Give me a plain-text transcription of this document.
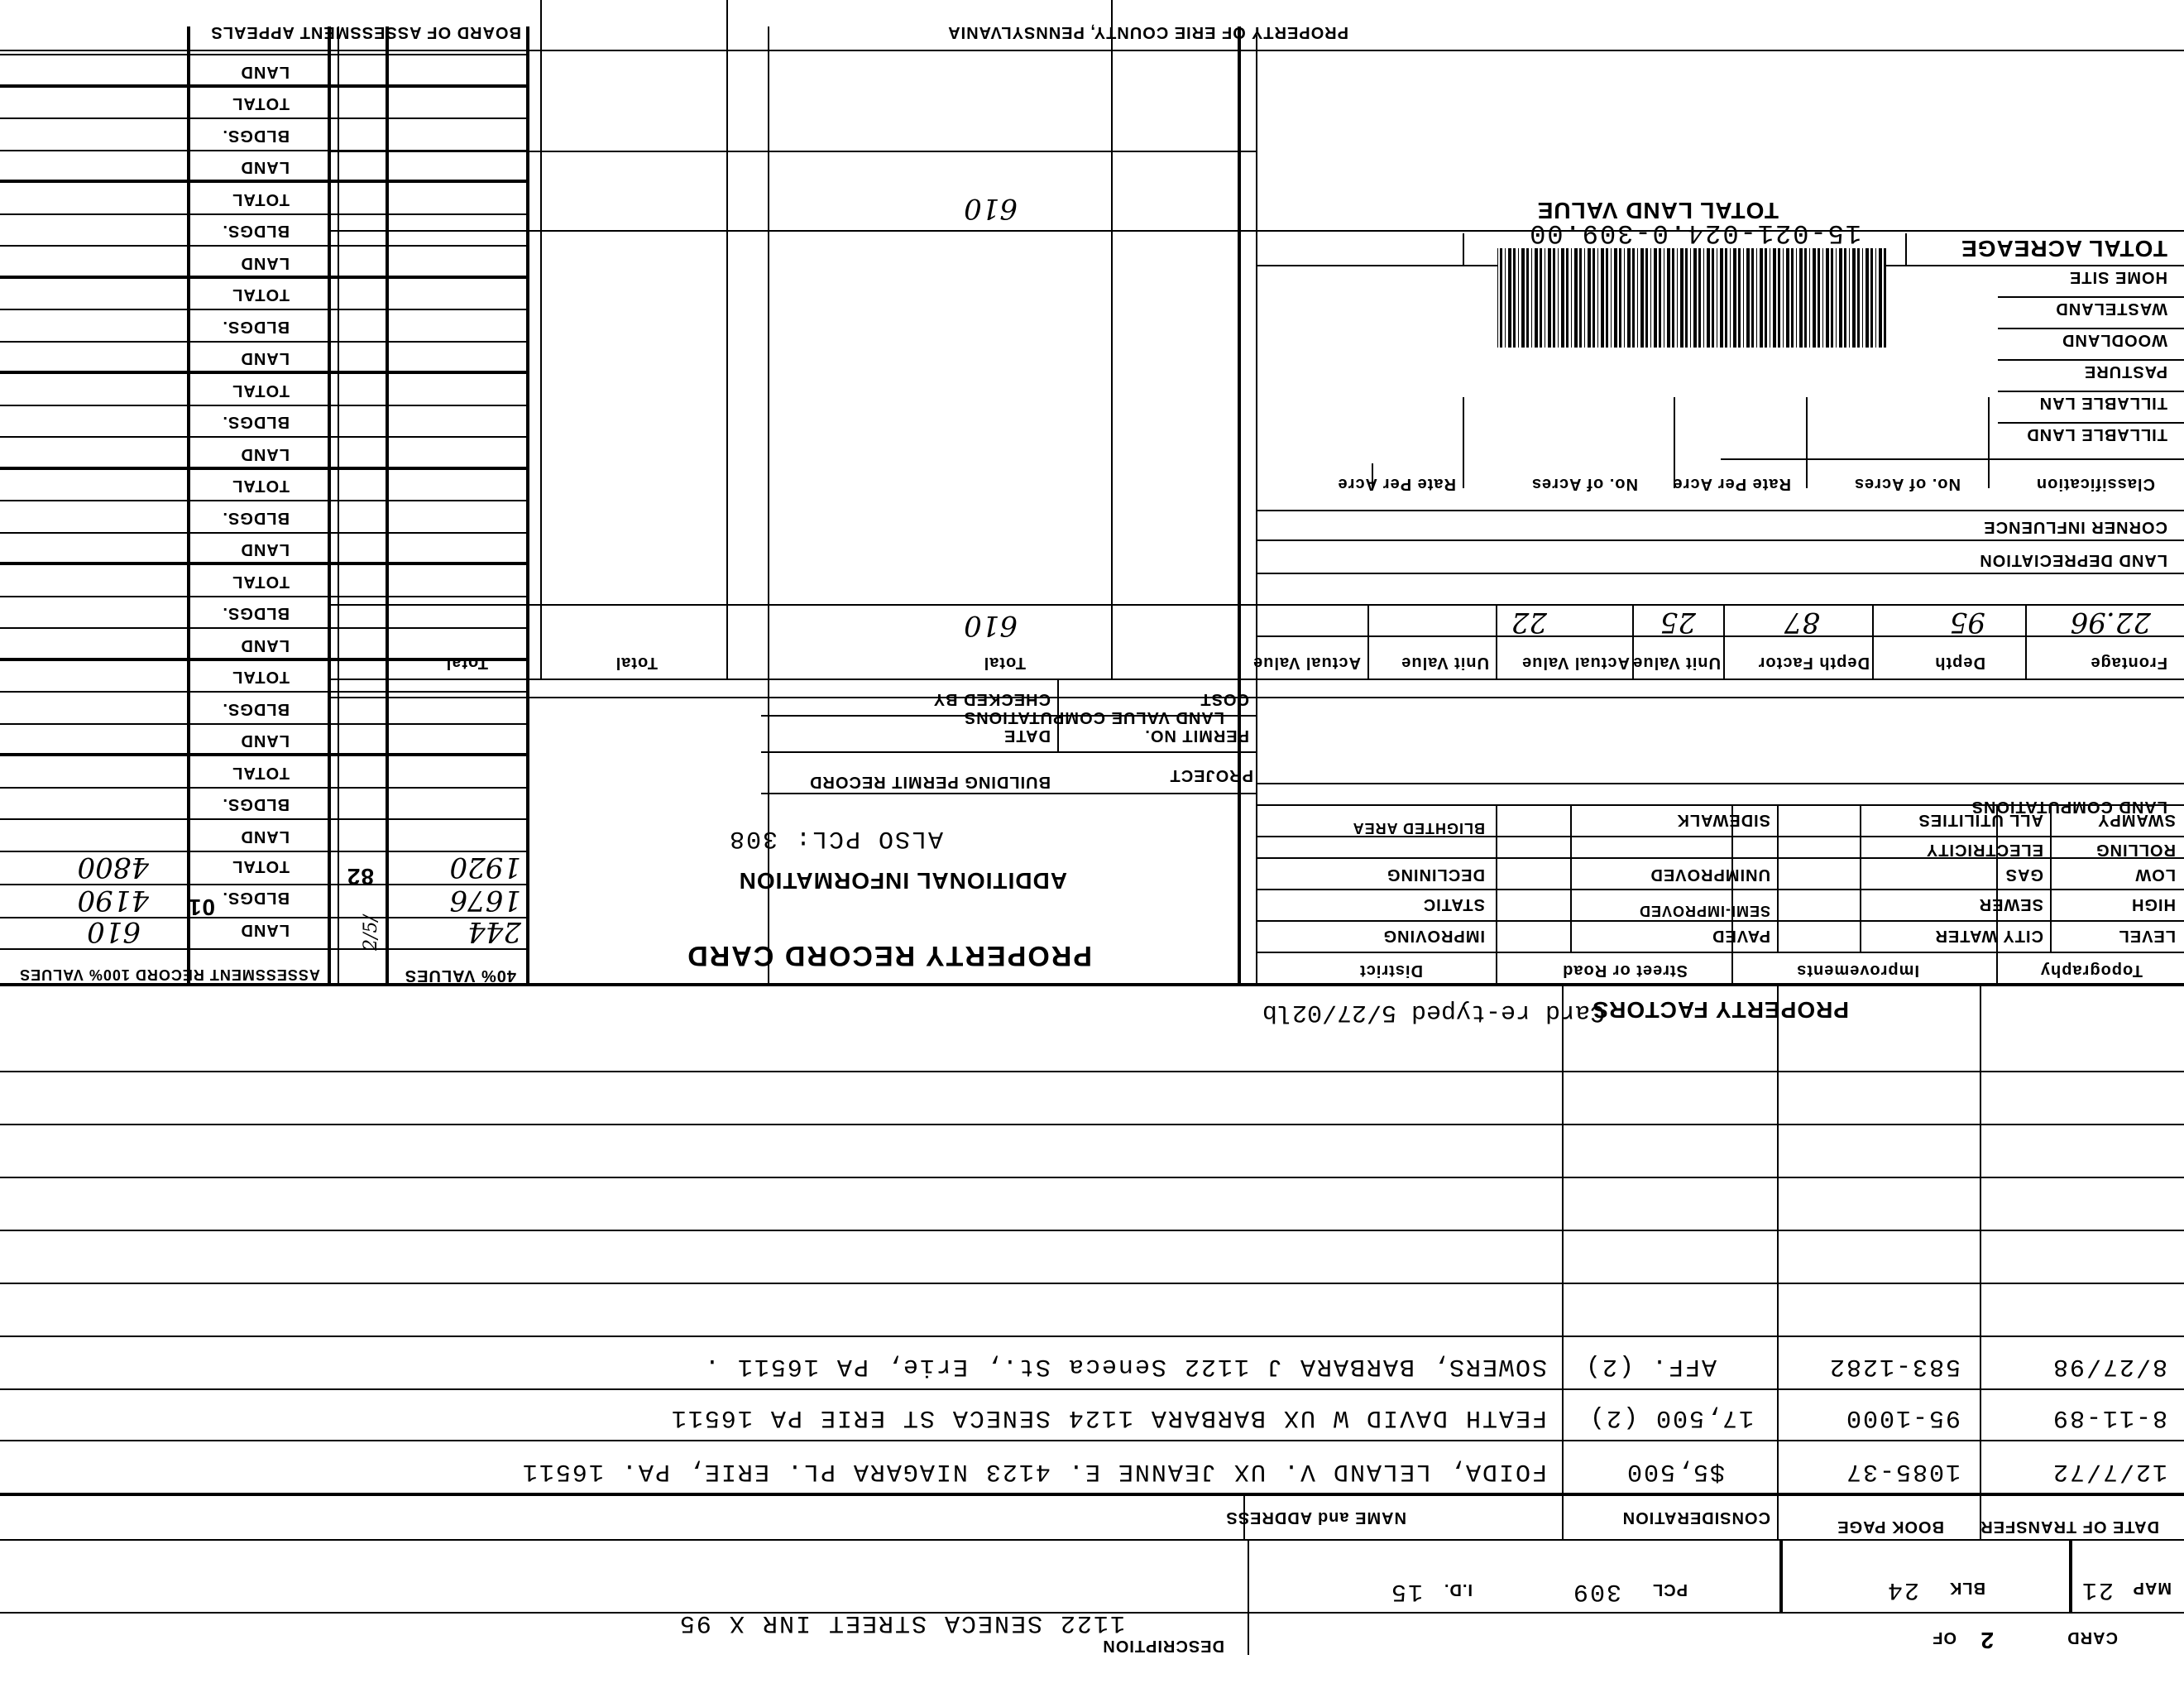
2	CARD
OF
DESCRIPTION
1122 SENECA STREET INR X 95
MAP
21
BLK
24
PCL
309
I.D.
15
DATE OF TRANSFER
BOOK PAGE
CONSIDERATION
NAME and ADDRESS
12/7/72
1085-37
$5,500
FOIDA, LELAND V. UX JEANNE E. 4123 NIAGARA PL. ERIE, PA. 16511
8-11-89
95-1000
17,500 (2)
FEATH DAVID W UX BARBARA 1124 SENECA ST ERIE PA 16511
8/27/98
583-1282
AFF. (2)
SOWERS, BARBARA J 1122 Seneca St., Erie, PA 16511 .
PROPERTY FACTORS
Card re-typed 5/27/02lb
Topography
Improvements
Street or Road
District
LEVEL
HIGH
LOW
ROLLING
SWAMPY
CITY WATER
SEWER
GAS
ELECTRICITY
ALL UTILITIES
PAVED
SEMI-IMPROVED
UNIMPROVED
SIDEWALK
IMPROVING
STATIC
DECLINING
BLIGHTED AREA
LAND COMPUTATIONS
LAND VALUE COMPUTATIONS
Frontage
Depth
Depth Factor
Unit Value
Actual Value
Unit Value
Actual Value
Total
Total
Total
22.96
95
87
25
22
610
LAND DEPRECIATION
CORNER INFLUENCE
Classification
No. of Acres
Rate Per Acre
No. of Acres
Rate Per Acre
TILLABLE LAND
TILLABLE LAN
PASTURE
WOODLAND
WASTELAND
HOME SITE
TOTAL ACREAGE
TOTAL LAND VALUE
610
15-021-024.0-309.00
PROPERTY RECORD CARD
ADDITIONAL INFORMATION
ALSO PCL: 308
BUILDING PERMIT RECORD
PERMIT NO.
DATE
COST
CHECKED BY
PROJECT
40% VALUES
ASSESSMENT RECORD 100% VALUES
244
1676
1920
82
2/5/
LAND
BLDGS.
TOTAL
610
4190
4800
01
PROPERTY OF ERIE COUNTY, PENNSYLVANIA
BOARD OF ASSESSMENT APPEALS
LAND
BLDGS.
TOTAL
LAND
BLDGS.
TOTAL
LAND
BLDGS.
TOTAL
LAND
BLDGS.
TOTAL
LAND
BLDGS.
TOTAL
LAND
BLDGS.
TOTAL
LAND
BLDGS.
TOTAL
LAND
BLDGS.
TOTAL
LAND
